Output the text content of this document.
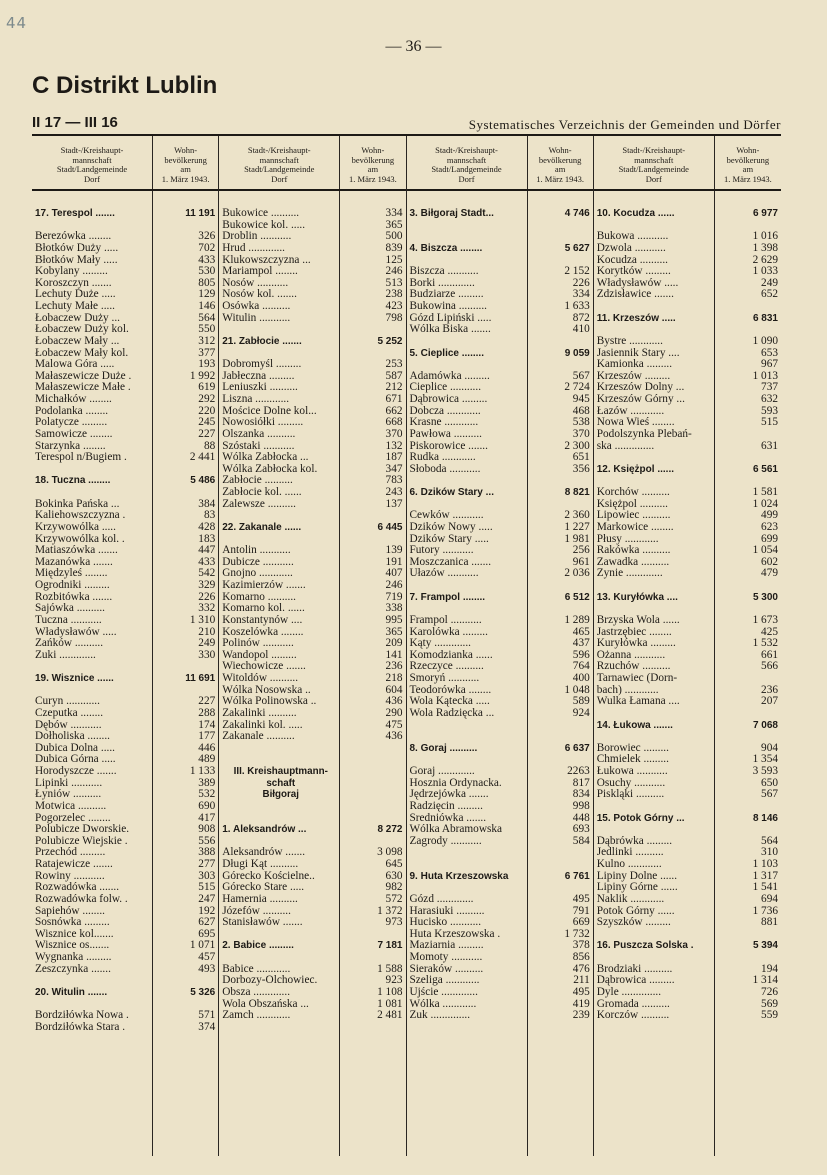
44
— 36 —
C Distrikt Lublin
II 17 — III 16	Systematisches Verzeichnis der Gemeinden und Dörfer
Stadt-/Kreishaupt-
mannschaft
Stadt/Landgemeinde
Dorf
Wohn-
bevölkerung
am
1. März 1943.
17. Terespol .......
Berezówka ........
Błotków Duży .....
Błotków Mały .....
Kobylany .........
Koroszczyn .......
Lechuty Duże .....
Lechuty Małe .....
Łobaczew Duży ...
Łobaczew Duży kol.
Łobaczew Mały ...
Łobaczew Mały kol.
Malowa Góra .....
Małaszewicze Duże .
Małaszewicze Małe .
Michałków ........
Podolanka ........
Polatycze .........
Samowicze ........
Starzynka ........
Terespol n/Bugiem .
18. Tuczna ........
Bokinka Pańska ...
Kaliehowszczyzna .
Krzywowólka .....
Krzywowólka kol. .
Matiaszówka .......
Mazanówka .......
Międzyleś ........
Ogrodniki .........
Rozbitówka .......
Sajówka ..........
Tuczna ...........
Władysławów .....
Zańków ..........
Żuki .............
19. Wisznice ......
Curyn ............
Czeputka ........
Dębów ...........
Dołholiska ........
Dubica Dolna .....
Dubica Górna .....
Horodyszcze .......
Lipinki ...........
Łyniów ..........
Motwica ..........
Pogorzelec ........
Polubicze Dworskie.
Polubicze Wiejskie .
Przechód .........
Ratajewicze .......
Rowiny ...........
Rozwadówka .......
Rozwadówka folw. .
Sapiehów ........
Sosnówka .........
Wisznice kol.......
Wisznice os.......
Wygnanka .........
Zeszczynka .......
20. Witulin .......
Bordziłówka Nowa .
Bordziłówka Stara .
11 191
326
702
433
530
805
129
146
564
550
312
377
193
1 992
619
292
220
245
227
88
2 441
5 486
384
83
428
183
447
433
542
329
226
332
1 310
210
249
330
11 691
227
288
174
177
446
489
1 133
389
532
690
417
908
556
388
277
303
515
247
192
627
695
1 071
457
493
5 326
571
374
Stadt-/Kreishaupt-
mannschaft
Stadt/Landgemeinde
Dorf
Wohn-
bevölkerung
am
1. März 1943.
Bukowice ..........
Bukowice kol. .....
Droblin ...........
Hrud .............
Klukowszczyzna ...
Mariampol ........
Nosów ...........
Nosów kol. .......
Osówka ..........
Witulin ...........
21. Zabłocie .......
Dobromyśl .........
Jabłeczna .........
Leniuszki ..........
Liszna ............
Mościce Dolne kol...
Nowosiółki .........
Olszanka ..........
Szóstaki ...........
Wólka Zabłocka ...
Wólka Zabłocka kol.
Zabłocie ..........
Zabłocie kol. ......
Zalewsze ..........
22. Zakanale ......
Antolin ...........
Dubicze ...........
Gnojno ............
Kazimierzów .......
Komarno ..........
Komarno kol. ......
Konstantynów ....
Koszelówka ........
Polinów ...........
Wandopol .........
Wiechowicze .......
Witoldów ..........
Wólka Nosowska ..
Wólka Polinowska ..
Zakalinki ..........
Zakalinki kol. .....
Zakanale ..........
III. Kreishauptmann-
schaft
Biłgoraj
1. Aleksandrów ...
Aleksandrów .......
Długi Kąt ..........
Górecko Kościelne..
Górecko Stare .....
Hamernia ..........
Józefów ..........
Stanisławów .......
2. Babice .........
Babice ............
Dorbozy-Olchowiec.
Obsza .............
Wola Obszańska ...
Zamch ............
334
365
500
839
125
246
513
238
423
798
5 252
253
587
212
671
662
668
370
132
187
347
783
243
137
6 445
139
191
407
246
719
338
995
365
209
141
236
218
604
436
290
475
436
8 272
3 098
645
630
982
572
1 372
973
7 181
1 588
923
1 108
1 081
2 481
Stadt-/Kreishaupt-
mannschaft
Stadt/Landgemeinde
Dorf
Wohn-
bevölkerung
am
1. März 1943.
3. Biłgoraj Stadt...
4. Biszcza ........
Biszcza ...........
Borki .............
Budziarze .........
Bukowina ..........
Gózd Lipiński .....
Wólka Biska .......
5. Cieplice ........
Adamówka .........
Cieplice ...........
Dąbrowica .........
Dobcza ............
Krasne ............
Pawłowa ..........
Piskorowice .......
Rudka ............
Słoboda ...........
6. Dzików Stary ...
Cewków ...........
Dzików Nowy .....
Dzików Stary .....
Futory ...........
Moszczanica .......
Ułazów ...........
7. Frampol ........
Frampol ...........
Karolówka .........
Kąty .............
Komodzianka ......
Rzeczyce ..........
Smoryń ...........
Teodorówka ........
Wola Kątecka .....
Wola Radzięcka ...
8. Goraj ..........
Goraj .............
Hosznia Ordynacka.
Jędrzejówka .......
Radzięcin .........
Średniówka .......
Wólka Abramowska
Zagrody ...........
9. Huta Krzeszowska
Gózd .............
Harasiuki ..........
Hucisko ...........
Huta Krzeszowska .
Maziarnia .........
Momoty ...........
Sieraków ..........
Szeliga ............
Ujście .............
Wólka ............
Żuk ..............
4 746
5 627
2 152
226
334
1 633
872
410
9 059
567
2 724
945
468
538
370
2 300
651
356
8 821
2 360
1 227
1 981
256
961
2 036
6 512
1 289
465
437
596
764
400
1 048
589
924
6 637
2263
817
834
998
448
693
584
6 761
495
791
669
1 732
378
856
476
211
495
419
239
Stadt-/Kreishaupt-
mannschaft
Stadt/Landgemeinde
Dorf
Wohn-
bevölkerung
am
1. März 1943.
10. Kocudza ......
Bukowa ...........
Dzwola ...........
Kocudza ..........
Korytków .........
Władysławów .....
Zdzisławice .......
11. Krzeszów .....
Bystre ............
Jasiennik Stary ....
Kamionka .........
Krzeszów .........
Krzeszów Dolny ...
Krzeszów Górny ...
Łazów ............
Nowa Wieś ........
Podolszynka Plebań-
ska ..............
12. Księżpol ......
Korchów ..........
Księżpol ..........
Lipowiec ..........
Markowice ........
Płusy ............
Rakówka ..........
Zawadka ..........
Zynie .............
13. Kuryłówka ....
Brzyska Wola ......
Jastrzębiec ........
Kuryłówka .........
Ożanna ...........
Rzuchów ..........
Tarnawiec (Dorn-
bach) ............
Wulka Łamana ....
14. Łukowa .......
Borowiec .........
Chmielek .........
Łukowa ...........
Osuchy ...........
Piskląki ..........
15. Potok Górny ...
Dąbrówka .........
Jedlinki ..........
Kulno ............
Lipiny Dolne ......
Lipiny Górne ......
Naklik ............
Potok Górny ......
Szyszków .........
16. Puszcza Solska .
Brodziaki ..........
Dąbrowica .........
Dyle ..............
Gromada ..........
Korczów ..........
6 977
1 016
1 398
2 629
1 033
249
652
6 831
1 090
653
967
1 013
737
632
593
515
631
6 561
1 581
1 024
499
623
699
1 054
602
479
5 300
1 673
425
1 532
661
566
236
207
7 068
904
1 354
3 593
650
567
8 146
564
310
1 103
1 317
1 541
694
1 736
881
5 394
194
1 314
726
569
559
